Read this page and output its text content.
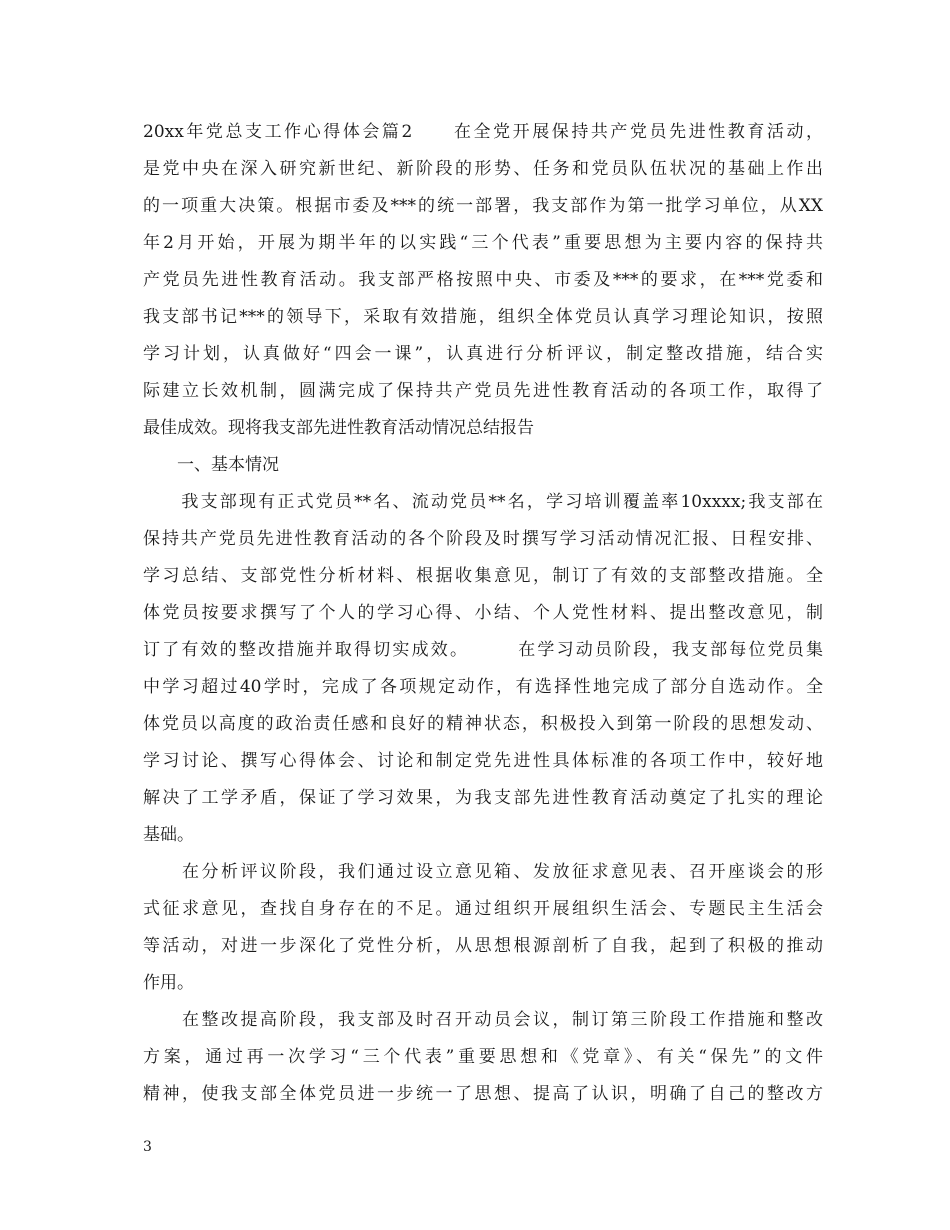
20xx年党总支工作心得体会篇2　　在全党开展保持共产党员先进性教育活动，
是党中央在深入研究新世纪、新阶段的形势、任务和党员队伍状况的基础上作出
的一项重大决策。根据市委及***的统一部署，我支部作为第一批学习单位，从XX
年2月开始，开展为期半年的以实践“三个代表”重要思想为主要内容的保持共
产党员先进性教育活动。我支部严格按照中央、市委及***的要求，在***党委和
我支部书记***的领导下，采取有效措施，组织全体党员认真学习理论知识，按照
学习计划，认真做好“四会一课”，认真进行分析评议，制定整改措施，结合实
际建立长效机制，圆满完成了保持共产党员先进性教育活动的各项工作，取得了
最佳成效。现将我支部先进性教育活动情况总结报告
　　一、基本情况
　　我支部现有正式党员**名、流动党员**名，学习培训覆盖率10xxxx;我支部在
保持共产党员先进性教育活动的各个阶段及时撰写学习活动情况汇报、日程安排、
学习总结、支部党性分析材料、根据收集意见，制订了有效的支部整改措施。全
体党员按要求撰写了个人的学习心得、小结、个人党性材料、提出整改意见，制
订了有效的整改措施并取得切实成效。　　　在学习动员阶段，我支部每位党员集
中学习超过40学时，完成了各项规定动作，有选择性地完成了部分自选动作。全
体党员以高度的政治责任感和良好的精神状态，积极投入到第一阶段的思想发动、
学习讨论、撰写心得体会、讨论和制定党先进性具体标准的各项工作中，较好地
解决了工学矛盾，保证了学习效果，为我支部先进性教育活动奠定了扎实的理论
基础。
　　在分析评议阶段，我们通过设立意见箱、发放征求意见表、召开座谈会的形
式征求意见，查找自身存在的不足。通过组织开展组织生活会、专题民主生活会
等活动，对进一步深化了党性分析，从思想根源剖析了自我，起到了积极的推动
作用。
　　在整改提高阶段，我支部及时召开动员会议，制订第三阶段工作措施和整改
方案，通过再一次学习“三个代表”重要思想和《党章》、有关“保先”的文件
精神，使我支部全体党员进一步统一了思想、提高了认识，明确了自己的整改方
3
